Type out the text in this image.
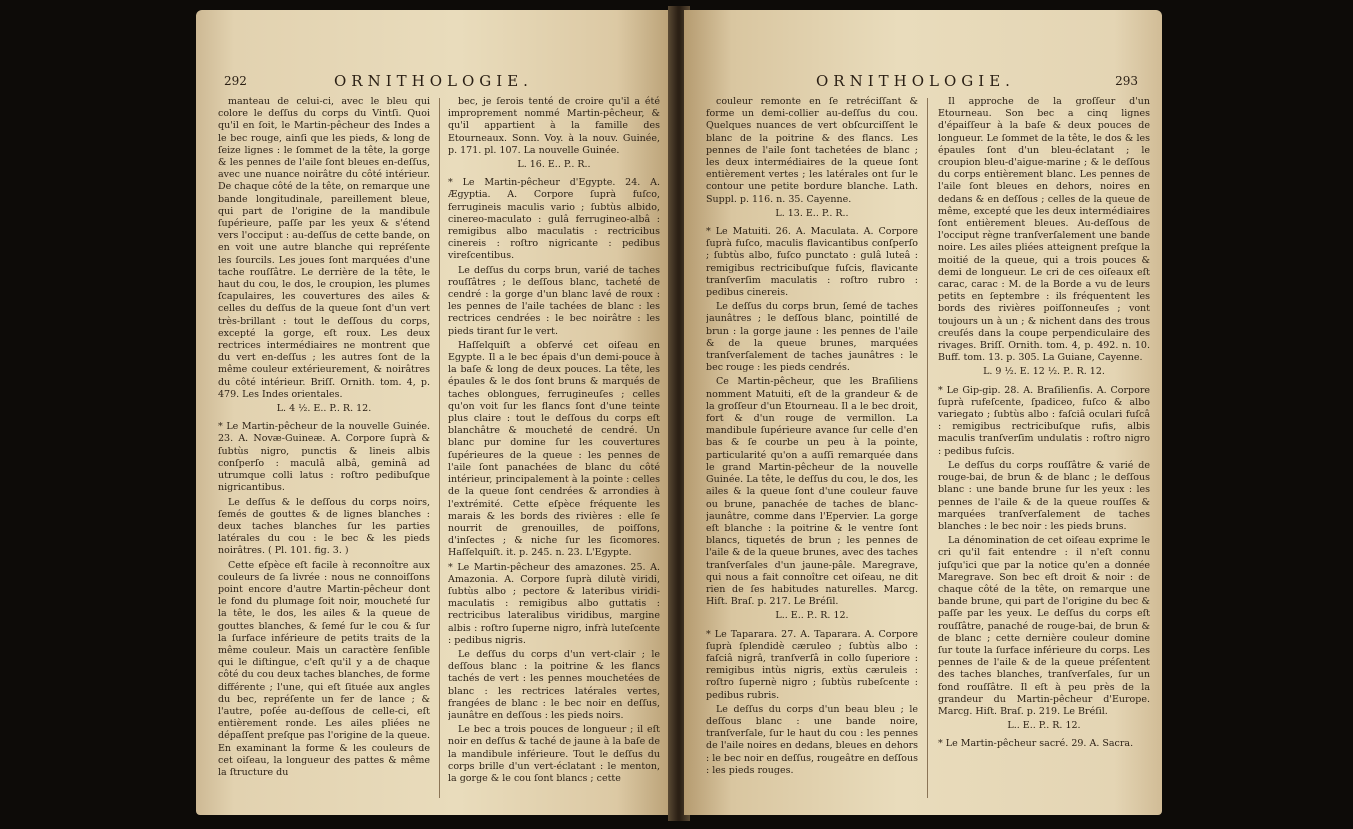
292	ORNITHOLOGIE.

manteau de celui-ci, avec le bleu qui colore le deſſus du corps du Vintſi. Quoi qu'il en ſoit, le Martin-pêcheur des Indes a le bec rouge, ainſi que les pieds, & long de ſeize lignes : le ſommet de la tête, la gorge & les pennes de l'aile ſont bleues en-deſſus, avec une nuance noirâtre du côté intérieur. De chaque côté de la tête, on remarque une bande longitudinale, pareillement bleue, qui part de l'origine de la mandibule ſupérieure, paſſe par les yeux & s'étend vers l'occiput : au-deſſus de cette bande, on en voit une autre blanche qui repréſente les ſourcils. Les joues ſont marquées d'une tache rouſſâtre. Le derrière de la tête, le haut du cou, le dos, le croupion, les plumes ſcapulaires, les couvertures des ailes & celles du deſſus de la queue ſont d'un vert très-brillant : tout le deſſous du corps, excepté la gorge, eſt roux. Les deux rectrices intermédiaires ne montrent que du vert en-deſſus ; les autres ſont de la même couleur extérieurement, & noirâtres du côté intérieur. Briſſ. Ornith. tom. 4, p. 479. Les Indes orientales.

L. 4 ½. E.. P.. R. 12.

* Le Martin-pêcheur de la nouvelle Guinée. 23. A. Novæ-Guineæ. A. Corpore ſuprà & ſubtùs nigro, punctis & lineis albis conſperſo : maculâ albâ, geminâ ad utrumque colli latus : roſtro pedibuſque nigricantibus.

Le deſſus & le deſſous du corps noirs, ſemés de gouttes & de lignes blanches : deux taches blanches ſur les parties latérales du cou : le bec & les pieds noirâtres. ( Pl. 101. fig. 3. )

Cette eſpèce eſt facile à reconnoître aux couleurs de ſa livrée : nous ne connoiſſons point encore d'autre Martin-pêcheur dont le fond du plumage ſoit noir, moucheté ſur la tête, le dos, les ailes & la queue de gouttes blanches, & ſemé ſur le cou & ſur la ſurface inférieure de petits traits de la même couleur. Mais un caractère ſenſible qui le diſtingue, c'eſt qu'il y a de chaque côté du cou deux taches blanches, de forme différente ; l'une, qui eſt ſituée aux angles du bec, repréſente un fer de lance ; & l'autre, poſée au-deſſous de celle-ci, eſt entièrement ronde. Les ailes pliées ne dépaſſent preſque pas l'origine de la queue. En examinant la forme & les couleurs de cet oiſeau, la longueur des pattes & même la ſtructure du

bec, je ſerois tenté de croire qu'il a été improprement nommé Martin-pêcheur, & qu'il appartient à la famille des Etourneaux. Sonn. Voy. à la nouv. Guinée, p. 171. pl. 107. La nouvelle Guinée.

L. 16. E.. P.. R..

* Le Martin-pêcheur d'Egypte. 24. A. Ægyptia. A. Corpore ſuprà fuſco, ferrugineis maculis vario ; ſubtùs albido, cinereo-maculato : gulâ ferrugineo-albâ : remigibus albo maculatis : rectricibus cinereis : roſtro nigricante : pedibus vireſcentibus.

Le deſſus du corps brun, varié de taches rouſſâtres ; le deſſous blanc, tacheté de cendré : la gorge d'un blanc lavé de roux : les pennes de l'aile tachées de blanc : les rectrices cendrées : le bec noirâtre : les pieds tirant ſur le vert.

Haſſelquiſt a obſervé cet oiſeau en Egypte. Il a le bec épais d'un demi-pouce à la baſe & long de deux pouces. La tête, les épaules & le dos ſont bruns & marqués de taches oblongues, ferrugineuſes ; celles qu'on voit ſur les flancs ſont d'une teinte plus claire : tout le deſſous du corps eſt blanchâtre & moucheté de cendré. Un blanc pur domine ſur les couvertures ſupérieures de la queue : les pennes de l'aile ſont panachées de blanc du côté intérieur, principalement à la pointe : celles de la queue ſont cendrées & arrondies à l'extrémité. Cette eſpèce fréquente les marais & les bords des rivières : elle ſe nourrit de grenouilles, de poiſſons, d'inſectes ; & niche ſur les ſicomores. Haſſelquiſt. it. p. 245. n. 23. L'Egypte.

* Le Martin-pêcheur des amazones. 25. A. Amazonia. A. Corpore ſuprà dilutè viridi, ſubtùs albo ; pectore & lateribus viridi-maculatis : remigibus albo guttatis : rectricibus lateralibus viridibus, margine albis : roſtro ſuperne nigro, infrà luteſcente : pedibus nigris.

Le deſſus du corps d'un vert-clair ; le deſſous blanc : la poitrine & les flancs tachés de vert : les pennes mouchetées de blanc : les rectrices latérales vertes, frangées de blanc : le bec noir en deſſus, jaunâtre en deſſous : les pieds noirs.

Le bec a trois pouces de longueur ; il eſt noir en deſſus & taché de jaune à la baſe de la mandibule inférieure. Tout le deſſus du corps brille d'un vert-éclatant : le menton, la gorge & le cou ſont blancs ; cette

ORNITHOLOGIE.	293

couleur remonte en ſe retréciſſant & forme un demi-collier au-deſſus du cou. Quelques nuances de vert obſcurciſſent le blanc de la poitrine & des flancs. Les pennes de l'aile ſont tachetées de blanc ; les deux intermédiaires de la queue ſont entièrement vertes ; les latérales ont ſur le contour une petite bordure blanche. Lath. Suppl. p. 116. n. 35. Cayenne.

L. 13. E.. P.. R..

* Le Matuiti. 26. A. Maculata. A. Corpore ſuprà fuſco, maculis flavicantibus conſperſo ; ſubtùs albo, fuſco punctato : gulâ luteâ : remigibus rectricibuſque fuſcis, flavicante tranſverſim maculatis : roſtro rubro : pedibus cinereis.

Le deſſus du corps brun, ſemé de taches jaunâtres ; le deſſous blanc, pointillé de brun : la gorge jaune : les pennes de l'aile & de la queue brunes, marquées tranſverſalement de taches jaunâtres : le bec rouge : les pieds cendrés.

Ce Martin-pêcheur, que les Braſiliens nomment Matuiti, eſt de la grandeur & de la groſſeur d'un Etourneau. Il a le bec droit, fort & d'un rouge de vermillon. La mandibule ſupérieure avance ſur celle d'en bas & ſe courbe un peu à la pointe, particularité qu'on a auſſi remarquée dans le grand Martin-pêcheur de la nouvelle Guinée. La tête, le deſſus du cou, le dos, les ailes & la queue ſont d'une couleur fauve ou brune, panachée de taches de blanc-jaunâtre, comme dans l'Epervier. La gorge eſt blanche : la poitrine & le ventre ſont blancs, tiquetés de brun ; les pennes de l'aile & de la queue brunes, avec des taches tranſverſales d'un jaune-pâle. Maregrave, qui nous a fait connoître cet oiſeau, ne dit rien de ſes habitudes naturelles. Marcg. Hiſt. Braſ. p. 217. Le Bréſil.

L.. E.. P.. R. 12.

* Le Taparara. 27. A. Taparara. A. Corpore ſuprà ſplendidè cæruleo ; ſubtùs albo : faſciâ nigrâ, tranſverſâ in collo ſuperiore : remigibus intùs nigris, extùs cæruleis : roſtro ſupernè nigro ; ſubtùs rubeſcente : pedibus rubris.

Le deſſus du corps d'un beau bleu ; le deſſous blanc : une bande noire, tranſverſale, ſur le haut du cou : les pennes de l'aile noires en dedans, bleues en dehors : le bec noir en deſſus, rougeâtre en deſſous : les pieds rouges.

Il approche de la groſſeur d'un Etourneau. Son bec a cinq lignes d'épaiſſeur à la baſe & deux pouces de longueur. Le ſommet de la tête, le dos & les épaules ſont d'un bleu-éclatant ; le croupion bleu-d'aigue-marine ; & le deſſous du corps entièrement blanc. Les pennes de l'aile ſont bleues en dehors, noires en dedans & en deſſous ; celles de la queue de même, excepté que les deux intermédiaires ſont entièrement bleues. Au-deſſous de l'occiput règne tranſverſalement une bande noire. Les ailes pliées atteignent preſque la moitié de la queue, qui a trois pouces & demi de longueur. Le cri de ces oiſeaux eſt carac, carac : M. de la Borde a vu de leurs petits en ſeptembre : ils fréquentent les bords des rivières poiſſonneuſes ; vont toujours un à un ; & nichent dans des trous creuſés dans la coupe perpendiculaire des rivages. Briſſ. Ornith. tom. 4, p. 492. n. 10. Buff. tom. 13. p. 305. La Guiane, Cayenne.

L. 9 ½. E. 12 ½. P.. R. 12.

* Le Gip-gip. 28. A. Braſilienſis. A. Corpore ſuprà rufeſcente, ſpadiceo, fuſco & albo variegato ; ſubtùs albo : faſciâ oculari fuſcâ : remigibus rectricibuſque rufis, albis maculis tranſverſim undulatis : roſtro nigro : pedibus fuſcis.

Le deſſus du corps rouſſâtre & varié de rouge-bai, de brun & de blanc ; le deſſous blanc : une bande brune ſur les yeux : les pennes de l'aile & de la queue rouſſes & marquées tranſverſalement de taches blanches : le bec noir : les pieds bruns.

La dénomination de cet oiſeau exprime le cri qu'il fait entendre : il n'eſt connu juſqu'ici que par la notice qu'en a donnée Maregrave. Son bec eſt droit & noir : de chaque côté de la tête, on remarque une bande brune, qui part de l'origine du bec & paſſe par les yeux. Le deſſus du corps eſt rouſſâtre, panaché de rouge-bai, de brun & de blanc ; cette dernière couleur domine ſur toute la ſurface inférieure du corps. Les pennes de l'aile & de la queue préſentent des taches blanches, tranſverſales, ſur un fond rouſſâtre. Il eſt à peu près de la grandeur du Martin-pêcheur d'Europe. Marcg. Hiſt. Braſ. p. 219. Le Bréſil.

L.. E.. P.. R. 12.

* Le Martin-pêcheur sacré. 29. A. Sacra.
